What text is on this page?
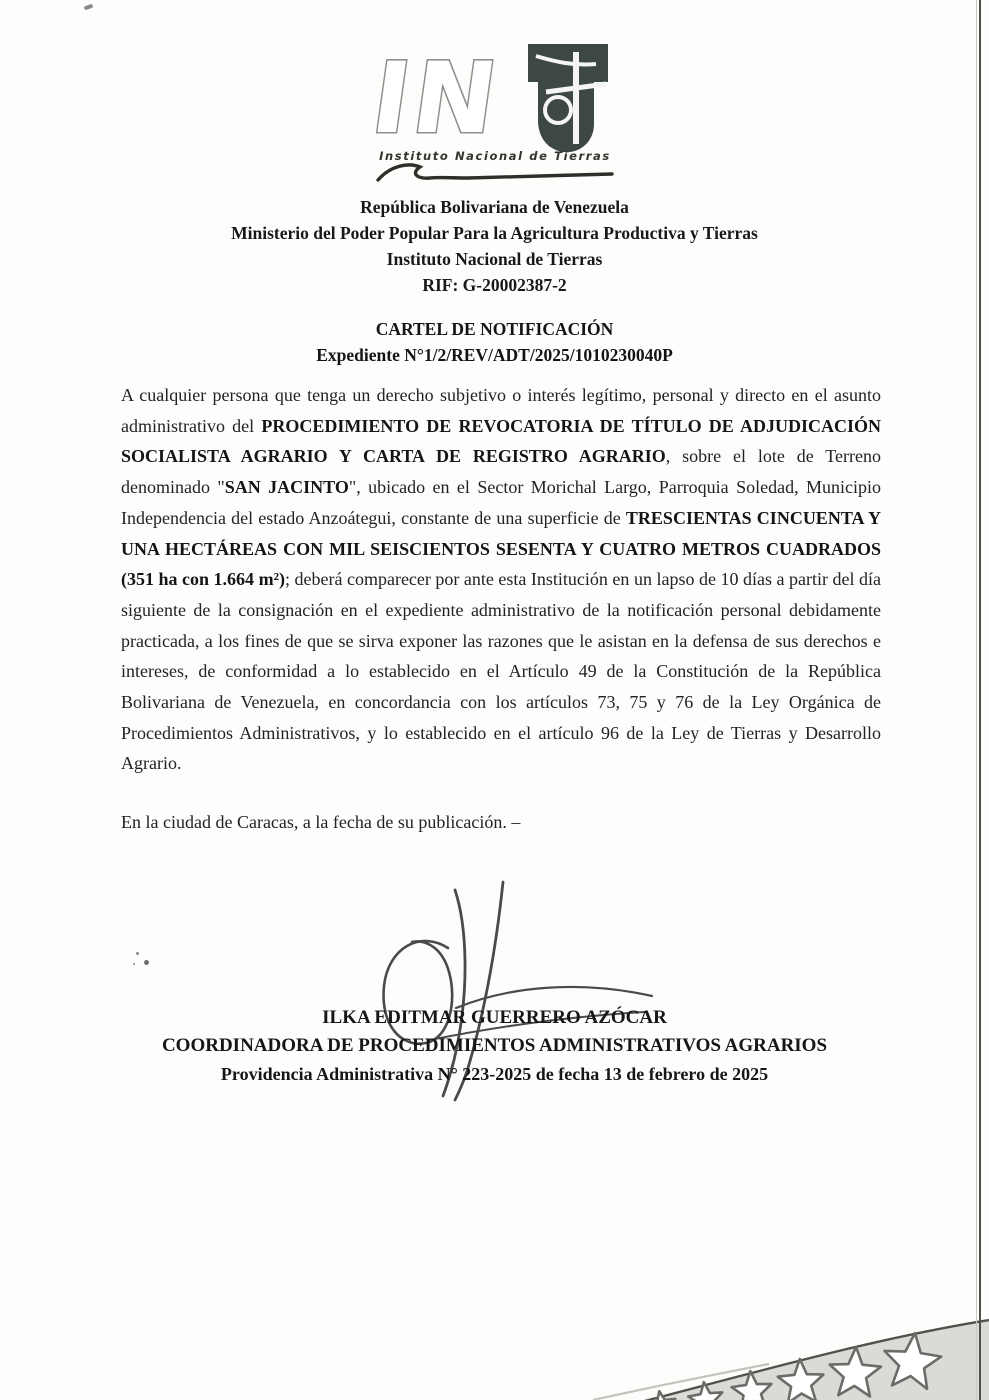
IN
Instituto Nacional de Tierras
República Bolivariana de Venezuela
Ministerio del Poder Popular Para la Agricultura Productiva y Tierras
Instituto Nacional de Tierras
RIF: G-20002387-2
CARTEL DE NOTIFICACIÓN
Expediente N°1/2/REV/ADT/2025/1010230040P
A cualquier persona que tenga un derecho subjetivo o interés legítimo, personal y directo en el asunto administrativo del PROCEDIMIENTO DE REVOCATORIA DE TÍTULO DE ADJUDICACIÓN SOCIALISTA AGRARIO Y CARTA DE REGISTRO AGRARIO, sobre el lote de Terreno denominado "SAN JACINTO", ubicado en el Sector Morichal Largo, Parroquia Soledad, Municipio Independencia del estado Anzoátegui, constante de una superficie de TRESCIENTAS CINCUENTA Y UNA HECTÁREAS CON MIL SEISCIENTOS SESENTA Y CUATRO METROS CUADRADOS (351 ha con 1.664 m²); deberá comparecer por ante esta Institución en un lapso de 10 días a partir del día siguiente de la consignación en el expediente administrativo de la notificación personal debidamente practicada, a los fines de que se sirva exponer las razones que le asistan en la defensa de sus derechos e intereses, de conformidad a lo establecido en el Artículo 49 de la Constitución de la República Bolivariana de Venezuela, en concordancia con los artículos 73, 75 y 76 de la Ley Orgánica de Procedimientos Administrativos, y lo establecido en el artículo 96 de la Ley de Tierras y Desarrollo Agrario.
En la ciudad de Caracas, a la fecha de su publicación. –
ILKA EDITMAR GUERRERO AZÓCAR
COORDINADORA DE PROCEDIMIENTOS ADMINISTRATIVOS AGRARIOS
Providencia Administrativa N° 223-2025 de fecha 13 de febrero de 2025
